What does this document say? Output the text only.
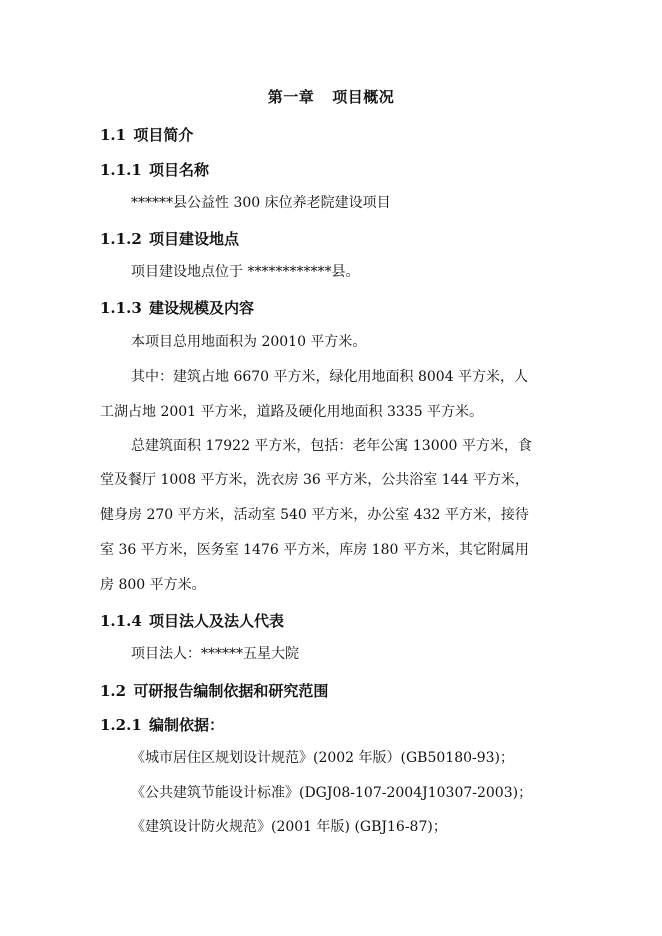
第一章 项目概况
1.1 项目简介
1.1.1 项目名称
******县公益性 300 床位养老院建设项目
1.1.2 项目建设地点
项目建设地点位于 ************县。
1.1.3 建设规模及内容
本项目总用地面积为 20010 平方米。
其中：建筑占地 6670 平方米，绿化用地面积 8004 平方米，人
工湖占地 2001 平方米，道路及硬化用地面积 3335 平方米。
总建筑面积 17922 平方米，包括：老年公寓 13000 平方米，食
堂及餐厅 1008 平方米，洗衣房 36 平方米，公共浴室 144 平方米，
健身房 270 平方米，活动室 540 平方米，办公室 432 平方米，接待
室 36 平方米，医务室 1476 平方米，库房 180 平方米，其它附属用
房 800 平方米。
1.1.4 项目法人及法人代表
项目法人：******五星大院
1.2 可研报告编制依据和研究范围
1.2.1 编制依据：
《城市居住区规划设计规范》(2002 年版）(GB50180-93)；
《公共建筑节能设计标准》(DGJ08-107-2004J10307-2003)；
《建筑设计防火规范》(2001 年版) (GBJ16-87)；
